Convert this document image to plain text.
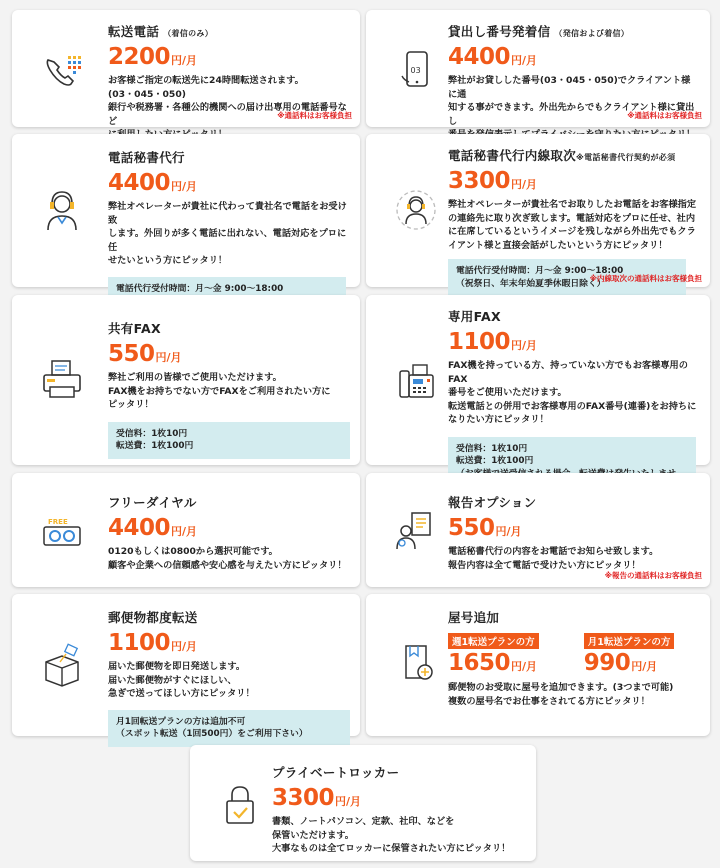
転送電話 （着信のみ）
2200円/月
お客様ご指定の転送先に24時間転送されます。
(03・045・050)
銀行や税務署・各種公的機関への届け出専用の電話番号など	※通話料はお客様負担
03
貸出し番号発着信 （発信および着信）
4400円/月
弊社がお貸しした番号(03・045・050)でクライアント様に通
知する事ができます。外出先からでもクライアント様に貸出し	※通話料はお客様負担
電話秘書代行
4400円/月
弊社オペレーターが貴社に代わって貴社名で電話をお受け致
します。外回りが多く電話に出れない、電話対応をプロに任
せたいという方にピッタリ！
電話代行受付時間：月～金 9:00～18:00
電話秘書代行内線取次※電話秘書代行契約が必須
3300円/月
弊社オペレーターが貴社名でお取りしたお電話をお客様指定
の連絡先に取り次ぎ致します。電話対応をプロに任せ、社内
に在席しているというイメージを残しながら外出先でもクラ
イアント様と直接会話がしたいという方にピッタリ！
電話代行受付時間：月～金 9:00～18:00
（祝祭日、年末年始夏季休暇日除く）
※内線取次の通話料はお客様負担
共有FAX
550円/月
弊社ご利用の皆様でご使用いただけます。
FAX機をお持ちでない方でFAXをご利用されたい方に
ピッタリ！
受信料：1枚10円
転送費：1枚100円
専用FAX
1100円/月
FAX機を持っている方、持っていない方でもお客様専用のFAX
番号をご使用いただけます。
転送電話との併用でお客様専用のFAX番号(連番)をお持ちに
なりたい方にピッタリ！
受信料：1枚10円
転送費：1枚100円
FREE
フリーダイヤル
4400円/月
0120もしくは0800から選択可能です。
顧客や企業への信頼感や安心感を与えたい方にピッタリ！
報告オプション
550円/月
電話秘書代行の内容をお電話でお知らせ致します。
報告内容は全て電話で受けたい方にピッタリ！
※報告の通話料はお客様負担
郵便物都度転送
1100円/月
届いた郵便物を即日発送します。
届いた郵便物がすぐにほしい、
急ぎで送ってほしい方にピッタリ！
月1回転送プランの方は追加不可
（スポット転送（1回500円）をご利用下さい）
屋号追加
週1転送プランの方
1650円/月
月1転送プランの方
990円/月
郵便物のお受取に屋号を追加できます。(3つまで可能)
複数の屋号名でお仕事をされてる方にピッタリ！
プライベートロッカー
3300円/月
書類、ノートパソコン、定款、社印、などを
保管いただけます。
大事なものは全てロッカーに保管されたい方にピッタリ！
